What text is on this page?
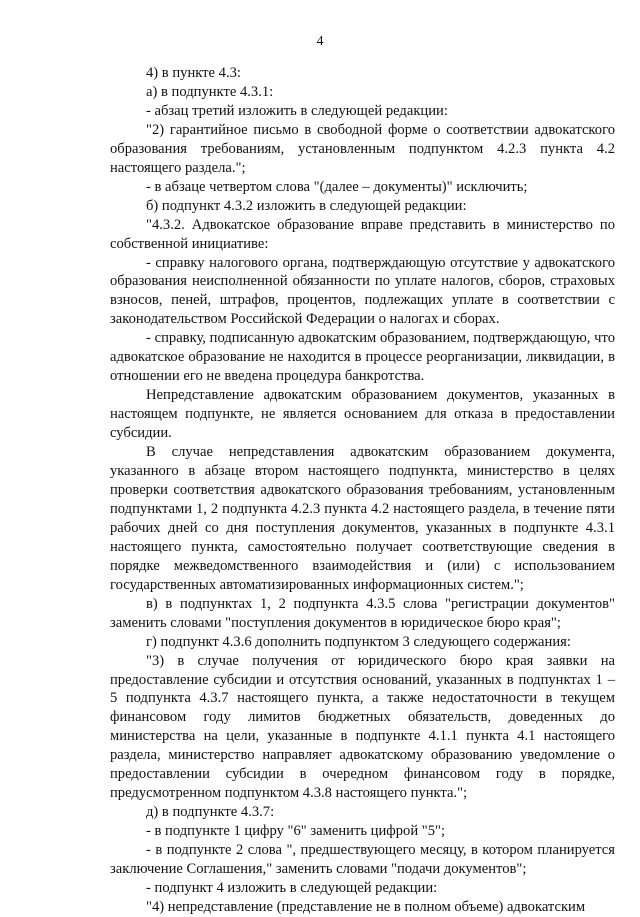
4

4) в пункте 4.3:

а) в подпункте 4.3.1:

- абзац третий изложить в следующей редакции:

"2) гарантийное письмо в свободной форме о соответствии адвокатского образования требованиям, установленным подпунктом 4.2.3 пункта 4.2 настоящего раздела.";

- в абзаце четвертом слова "(далее – документы)" исключить;

б) подпункт 4.3.2 изложить в следующей редакции:

"4.3.2. Адвокатское образование вправе представить в министерство по собственной инициативе:

- справку налогового органа, подтверждающую отсутствие у адвокатского образования неисполненной обязанности по уплате налогов, сборов, страховых взносов, пеней, штрафов, процентов, подлежащих уплате в соответствии с законодательством Российской Федерации о налогах и сборах.

- справку, подписанную адвокатским образованием, подтверждающую, что адвокатское образование не находится в процессе реорганизации, ликвидации, в отношении его не введена процедура банкротства.

Непредставление адвокатским образованием документов, указанных в настоящем подпункте, не является основанием для отказа в предоставлении субсидии.

В случае непредставления адвокатским образованием документа, указанного в абзаце втором настоящего подпункта, министерство в целях проверки соответствия адвокатского образования требованиям, установленным подпунктами 1, 2 подпункта 4.2.3 пункта 4.2 настоящего раздела, в течение пяти рабочих дней со дня поступления документов, указанных в подпункте 4.3.1 настоящего пункта, самостоятельно получает соответствующие сведения в порядке межведомственного взаимодействия и (или) с использованием государственных автоматизированных информационных систем.";

в) в подпунктах 1, 2 подпункта 4.3.5 слова "регистрации документов" заменить словами "поступления документов в юридическое бюро края";

г) подпункт 4.3.6 дополнить подпунктом 3 следующего содержания:

"3) в случае получения от юридического бюро края заявки на предоставление субсидии и отсутствия оснований, указанных в подпунктах 1 – 5 подпункта 4.3.7 настоящего пункта, а также недостаточности в текущем финансовом году лимитов бюджетных обязательств, доведенных до министерства на цели, указанные в подпункте 4.1.1 пункта 4.1 настоящего раздела, министерство направляет адвокатскому образованию уведомление о предоставлении субсидии в очередном финансовом году в порядке, предусмотренном подпунктом 4.3.8 настоящего пункта.";

д) в подпункте 4.3.7:

- в подпункте 1 цифру "6" заменить цифрой "5";

- в подпункте 2 слова ", предшествующего месяцу, в котором планируется заключение Соглашения," заменить словами "подачи документов";

- подпункт 4 изложить в следующей редакции:

"4) непредставление (представление не в полном объеме) адвокатским
